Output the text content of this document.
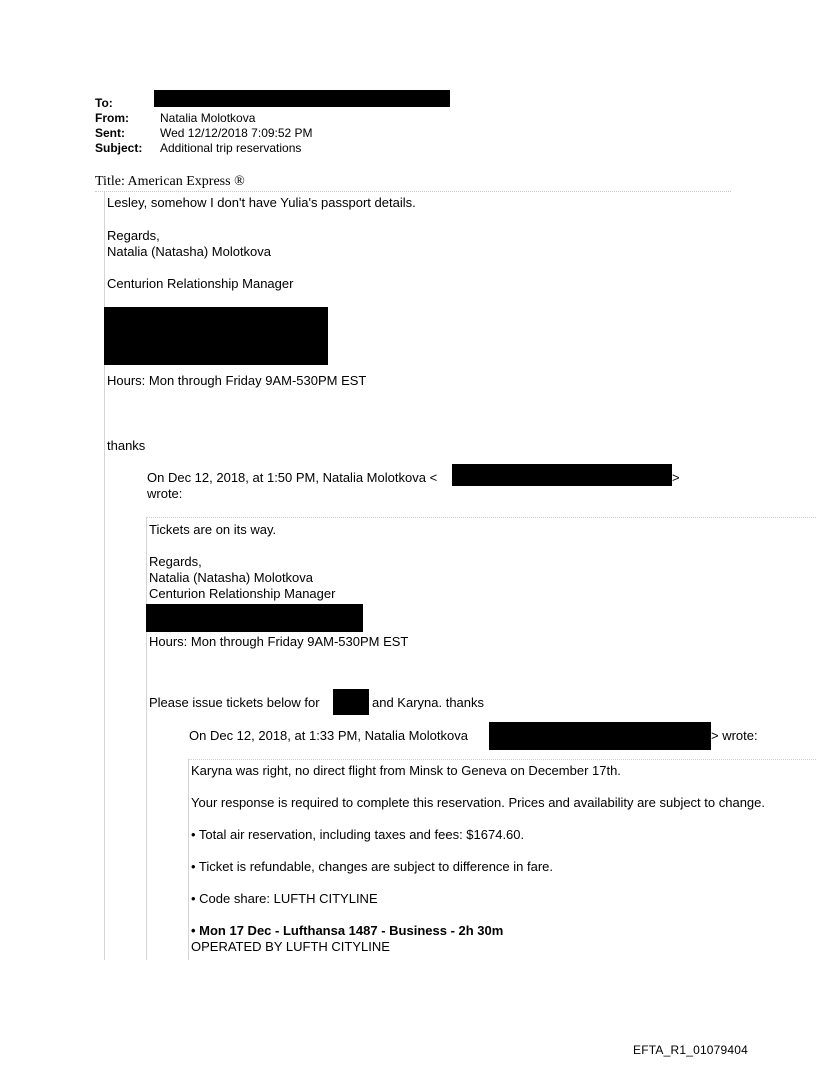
To:
From:	Natalia Molotkova
Sent:	Wed 12/12/2018 7:09:52 PM
Subject: Additional trip reservations
Title: American Express ®
Lesley, somehow I don't have Yulia's passport details.
Regards,
Natalia (Natasha) Molotkova
Centurion Relationship Manager
Hours: Mon through Friday 9AM-530PM EST
thanks
On Dec 12, 2018, at 1:50 PM, Natalia Molotkova <	>
wrote:
Tickets are on its way.
Regards,
Natalia (Natasha) Molotkova
Centurion Relationship Manager
Hours: Mon through Friday 9AM-530PM EST
Please issue tickets below for	and Karyna. thanks
On Dec 12, 2018, at 1:33 PM, Natalia Molotkova	> wrote:
Karyna was right, no direct flight from Minsk to Geneva on December 17th.
Your response is required to complete this reservation. Prices and availability are subject to change.
• Total air reservation, including taxes and fees: $1674.60.
• Ticket is refundable, changes are subject to difference in fare.
• Code share: LUFTH CITYLINE
• Mon 17 Dec - Lufthansa 1487 - Business - 2h 30m
OPERATED BY LUFTH CITYLINE
EFTA_R1_01079404
